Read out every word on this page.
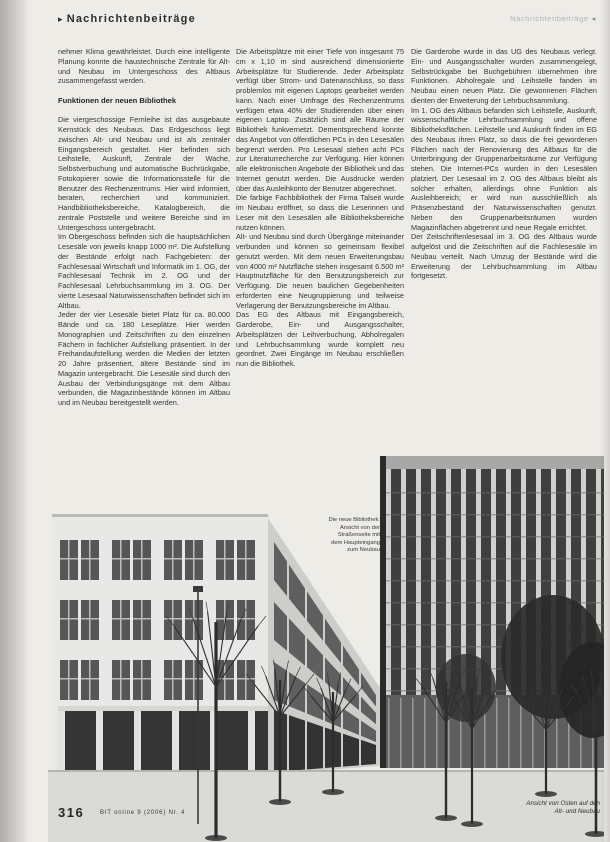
▸ Nachrichtenbeiträge	Nachrichtenbeiträge ◂

nehmer Klima gewährleistet. Durch eine intelligente Planung konnte die haustechnische Zentrale für Alt- und Neubau im Untergeschoss des Altbaus zusammengefasst werden.

Funktionen der neuen Bibliothek

Die viergeschossige Fernleihe ist das ausgebaute Kernstück des Neubaus. Das Erdgeschoss liegt zwischen Alt- und Neubau und ist als zentraler Eingangsbereich gestaltet. Hier befinden sich Leihstelle, Auskunft, Zentrale der Wache, Selbstverbuchung und automatische Buchrückgabe, Fotokopierer sowie die Informationsstelle für die Benutzer des Rechenzentrums. Hier wird informiert, beraten, recherchiert und kommuniziert. Handbibliotheksbereiche, Katalogbereich, die zentrale Poststelle und weitere Bereiche sind im Untergeschoss untergebracht.

Im Obergeschoss befinden sich die hauptsächlichen Lesesäle von jeweils knapp 1000 m². Die Aufstellung der Bestände erfolgt nach Fachgebieten: der Fachlesesaal Wirtschaft und Informatik im 1. OG, der Fachlesesaal Technik im 2. OG und der Fachlesesaal Lehrbuchsammlung im 3. OG. Der vierte Lesesaal Naturwissenschaften befindet sich im Altbau.

Jeder der vier Lesesäle bietet Platz für ca. 80.000 Bände und ca. 180 Leseplätze. Hier werden Monographien und Zeitschriften zu den einzelnen Fächern in fachlicher Aufstellung präsentiert. In der Freihandaufstellung werden die Medien der letzten 20 Jahre präsentiert, ältere Bestände sind im Magazin untergebracht. Die Lesesäle sind durch den Ausbau der Verbindungsgänge mit dem Altbau verbunden, die Magazinbestände können im Altbau und im Neubau bereitgestellt werden.

Die Arbeitsplätze mit einer Tiefe von insgesamt 75 cm x 1,10 m sind ausreichend dimensionierte Arbeitsplätze für Studierende. Jeder Arbeitsplatz verfügt über Strom- und Datenanschluss, so dass problemlos mit eigenen Laptops gearbeitet werden kann. Nach einer Umfrage des Rechenzentrums verfügen etwa 40% der Studierenden über einen eigenen Laptop. Zusätzlich sind alle Räume der Bibliothek funkvernetzt. Dementsprechend konnte das Angebot von öffentlichen PCs in den Lesesälen begrenzt werden. Pro Lesesaal stehen acht PCs zur Literaturrecherche zur Verfügung. Hier können alle elektronischen Angebote der Bibliothek und das Internet genutzt werden. Die Ausdrucke werden über das Ausleihkonto der Benutzer abgerechnet.

Die farbige Fachbibliothek der Firma Talseit wurde im Neubau eröffnet, so dass die Leserinnen und Leser mit den Lesesälen alle Bibliotheksbereiche nutzen können.

Alt- und Neubau sind durch Übergänge miteinander verbunden und können so gemeinsam flexibel genutzt werden. Mit dem neuen Erweiterungsbau von 4000 m² Nutzfläche stehen insgesamt 6.500 m² Hauptnutzfläche für den Benutzungsbereich zur Verfügung. Die neuen baulichen Gegebenheiten erforderten eine Neugruppierung und teilweise Verlagerung der Benutzungsbereiche im Altbau.

Das EG des Altbaus mit Eingangsbereich, Garderobe, Ein- und Ausgangsschalter, Arbeitsplätzen der Leihverbuchung, Abholregalen und Lehrbuchsammlung wurde komplett neu geordnet. Zwei Eingänge im Neubau erschließen nun die Bibliothek.

Die Garderobe wurde in das UG des Neubaus verlegt. Ein- und Ausgangsschalter wurden zusammengelegt, Selbstrückgabe bei Buchgebühren übernehmen ihre Funktionen. Abholregale und Leihstelle fanden im Neubau einen neuen Platz. Die gewonnenen Flächen dienten der Erweiterung der Lehrbuchsammlung.

Im 1. OG des Altbaus befanden sich Leihstelle, Auskunft, wissenschaftliche Lehrbuchsammlung und offene Bibliotheksflächen. Leihstelle und Auskunft finden im EG des Neubaus ihren Platz, so dass die frei gewordenen Flächen nach der Renovierung des Altbaus für die Unterbringung der Gruppenarbeitsräume zur Verfügung stehen. Die Internet-PCs wurden in den Lesesälen platziert. Der Lesesaal im 2. OG des Altbaus bleibt als solcher erhalten, allerdings ohne Funktion als Ausleihbereich; er wird nun ausschließlich als Präsenzbestand der Naturwissenschaften genutzt. Neben den Gruppenarbeitsräumen wurden Magazinflächen abgetrennt und neue Regale errichtet.

Der Zeitschriftenlesesaal im 3. OG des Altbaus wurde aufgelöst und die Zeitschriften auf die Fachlesesäle im Neubau verteilt. Nach Umzug der Bestände wird die Erweiterung der Lehrbuchsammlung im Altbau fortgesetzt.

Die neue Bibliothek:
Ansicht von der
Straßenseite mit
dem Haupteingang
zum Neubau
Ansicht von Osten auf den
Alt- und Neubau
316	BIT online 9 (2006) Nr. 4
